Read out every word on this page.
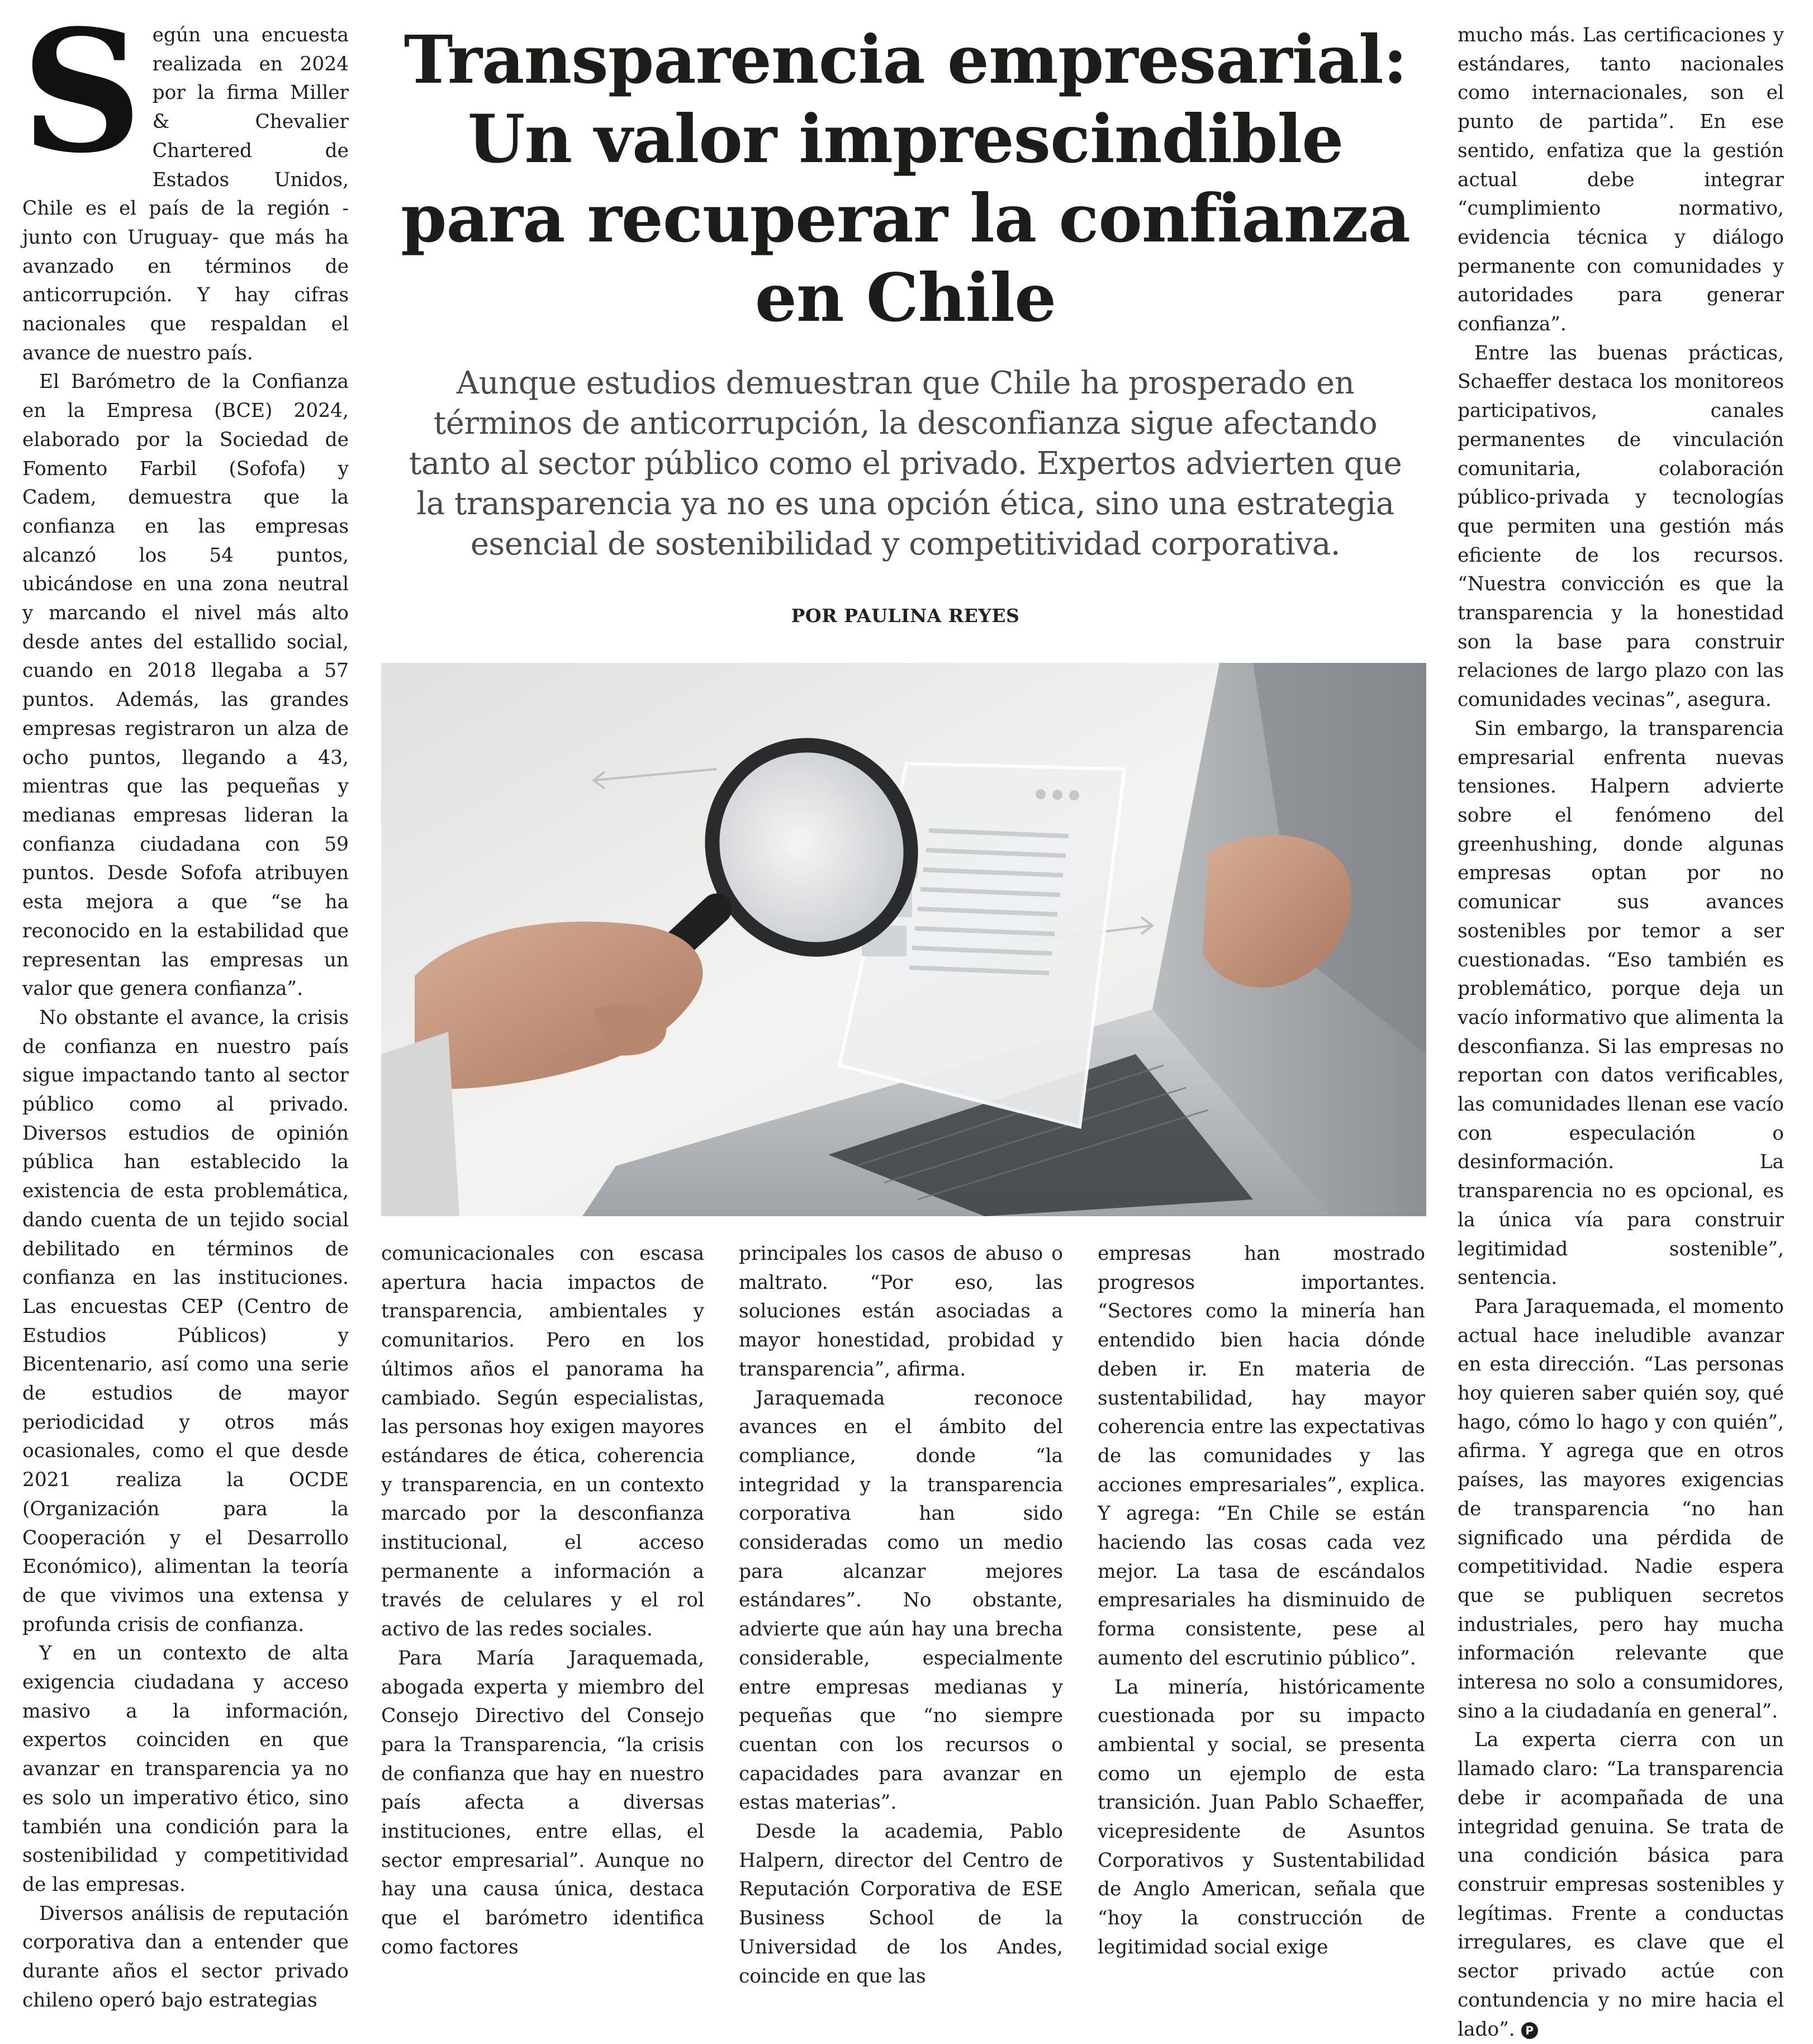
Según una encuesta realizada en 2024 por la firma Miller & Chevalier Chartered de Estados Unidos, Chile es el país de la región -junto con Uruguay- que más ha avanzado en términos de anticorrupción. Y hay cifras nacionales que respaldan el avance de nuestro país.

El Barómetro de la Confianza en la Empresa (BCE) 2024, elaborado por la Sociedad de Fomento Farbil (Sofofa) y Cadem, demuestra que la confianza en las empresas alcanzó los 54 puntos, ubicándose en una zona neutral y marcando el nivel más alto desde antes del estallido social, cuando en 2018 llegaba a 57 puntos. Además, las grandes empresas registraron un alza de ocho puntos, llegando a 43, mientras que las pequeñas y medianas empresas lideran la confianza ciudadana con 59 puntos. Desde Sofofa atribuyen esta mejora a que “se ha reconocido en la estabilidad que representan las empresas un valor que genera confianza”.

No obstante el avance, la crisis de confianza en nuestro país sigue impactando tanto al sector público como al privado. Diversos estudios de opinión pública han establecido la existencia de esta problemática, dando cuenta de un tejido social debilitado en términos de confianza en las instituciones. Las encuestas CEP (Centro de Estudios Públicos) y Bicentenario, así como una serie de estudios de mayor periodicidad y otros más ocasionales, como el que desde 2021 realiza la OCDE (Organización para la Cooperación y el Desarrollo Económico), alimentan la teoría de que vivimos una extensa y profunda crisis de confianza.

Y en un contexto de alta exigencia ciudadana y acceso masivo a la información, expertos coinciden en que avanzar en transparencia ya no es solo un imperativo ético, sino también una condición para la sostenibilidad y competitividad de las empresas.

Diversos análisis de reputación corporativa dan a entender que durante años el sector privado chileno operó bajo estrategias

Transparencia empresarial: Un valor imprescindible para recuperar la confianza en Chile
Aunque estudios demuestran que Chile ha prosperado en términos de anticorrupción, la desconfianza sigue afectando tanto al sector público como el privado. Expertos advierten que la transparencia ya no es una opción ética, sino una estrategia esencial de sostenibilidad y competitividad corporativa.
POR PAULINA REYES

comunicacionales con escasa apertura hacia impactos de transparencia, ambientales y comunitarios. Pero en los últimos años el panorama ha cambiado. Según especialistas, las personas hoy exigen mayores estándares de ética, coherencia y transparencia, en un contexto marcado por la desconfianza institucional, el acceso permanente a información a través de celulares y el rol activo de las redes sociales.

Para María Jaraquemada, abogada experta y miembro del Consejo Directivo del Consejo para la Transparencia, “la crisis de confianza que hay en nuestro país afecta a diversas instituciones, entre ellas, el sector empresarial”. Aunque no hay una causa única, destaca que el barómetro identifica como factores

principales los casos de abuso o maltrato. “Por eso, las soluciones están asociadas a mayor honestidad, probidad y transparencia”, afirma.

Jaraquemada reconoce avances en el ámbito del compliance, donde “la integridad y la transparencia corporativa han sido consideradas como un medio para alcanzar mejores estándares”. No obstante, advierte que aún hay una brecha considerable, especialmente entre empresas medianas y pequeñas que “no siempre cuentan con los recursos o capacidades para avanzar en estas materias”.

Desde la academia, Pablo Halpern, director del Centro de Reputación Corporativa de ESE Business School de la Universidad de los Andes, coincide en que las

empresas han mostrado progresos importantes. “Sectores como la minería han entendido bien hacia dónde deben ir. En materia de sustentabilidad, hay mayor coherencia entre las expectativas de las comunidades y las acciones empresariales”, explica. Y agrega: “En Chile se están haciendo las cosas cada vez mejor. La tasa de escándalos empresariales ha disminuido de forma consistente, pese al aumento del escrutinio público”.

La minería, históricamente cuestionada por su impacto ambiental y social, se presenta como un ejemplo de esta transición. Juan Pablo Schaeffer, vicepresidente de Asuntos Corporativos y Sustentabilidad de Anglo American, señala que “hoy la construcción de legitimidad social exige

mucho más. Las certificaciones y estándares, tanto nacionales como internacionales, son el punto de partida”. En ese sentido, enfatiza que la gestión actual debe integrar “cumplimiento normativo, evidencia técnica y diálogo permanente con comunidades y autoridades para generar confianza”.

Entre las buenas prácticas, Schaeffer destaca los monitoreos participativos, canales permanentes de vinculación comunitaria, colaboración público-privada y tecnologías que permiten una gestión más eficiente de los recursos. “Nuestra convicción es que la transparencia y la honestidad son la base para construir relaciones de largo plazo con las comunidades vecinas”, asegura.

Sin embargo, la transparencia empresarial enfrenta nuevas tensiones. Halpern advierte sobre el fenómeno del greenhushing, donde algunas empresas optan por no comunicar sus avances sostenibles por temor a ser cuestionadas. “Eso también es problemático, porque deja un vacío informativo que alimenta la desconfianza. Si las empresas no reportan con datos verificables, las comunidades llenan ese vacío con especulación o desinformación. La transparencia no es opcional, es la única vía para construir legitimidad sostenible”, sentencia.

Para Jaraquemada, el momento actual hace ineludible avanzar en esta dirección. “Las personas hoy quieren saber quién soy, qué hago, cómo lo hago y con quién”, afirma. Y agrega que en otros países, las mayores exigencias de transparencia “no han significado una pérdida de competitividad. Nadie espera que se publiquen secretos industriales, pero hay mucha información relevante que interesa no solo a consumidores, sino a la ciudadanía en general”.

La experta cierra con un llamado claro: “La transparencia debe ir acompañada de una integridad genuina. Se trata de una condición básica para construir empresas sostenibles y legítimas. Frente a conductas irregulares, es clave que el sector privado actúe con contundencia y no mire hacia el lado”. P
